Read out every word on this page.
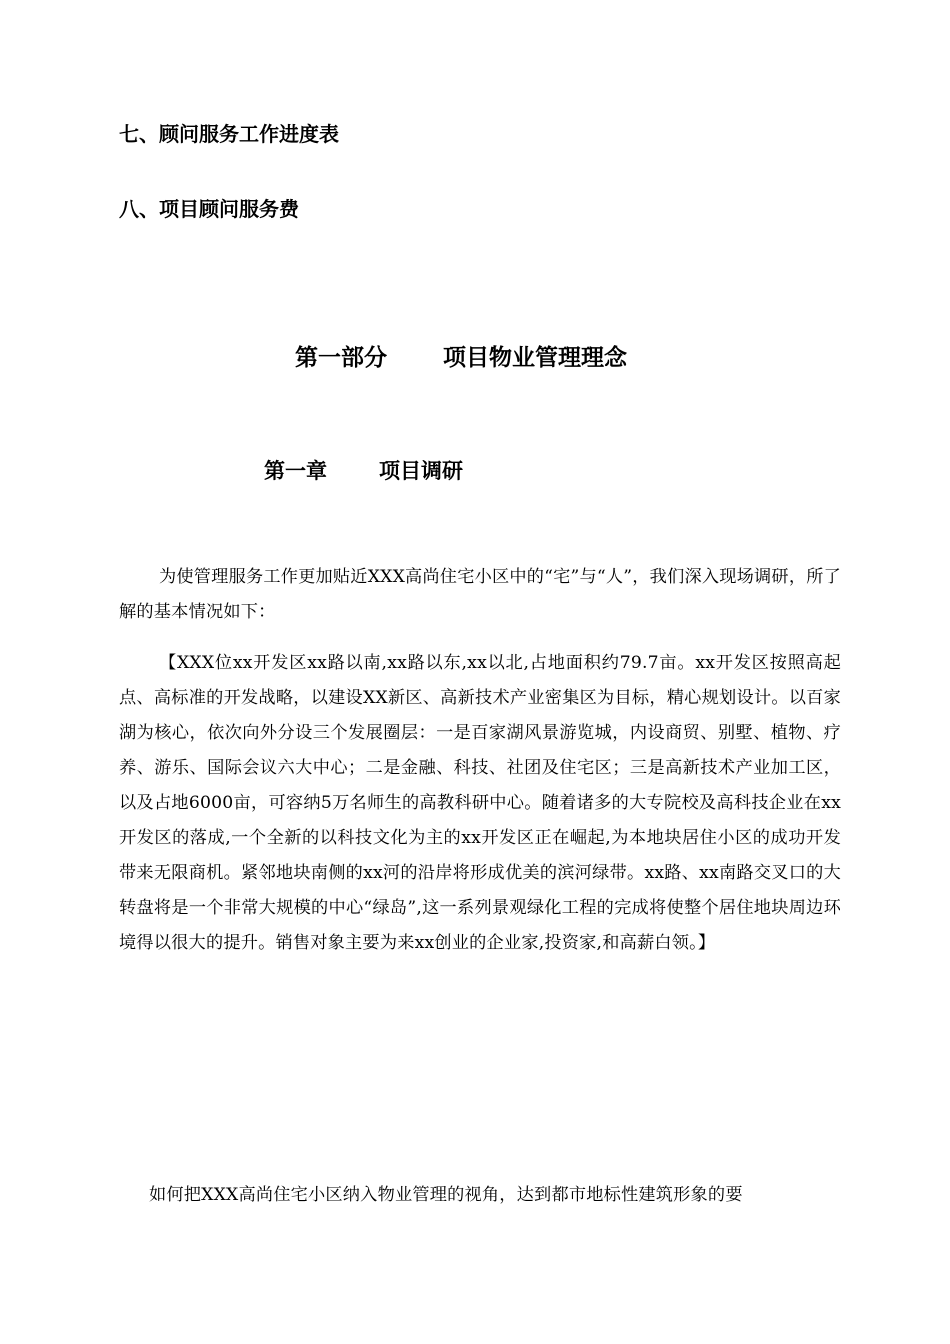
七、顾问服务工作进度表
八、项目顾问服务费
第一部分 项目物业管理理念
第一章 项目调研

为使管理服务工作更加贴近XXX高尚住宅小区中的“宅”与“人”，我们深入现场调研，所了解的基本情况如下：

【XXX位xx开发区xx路以南,xx路以东,xx以北,占地面积约79.7亩。xx开发区按照高起点、高标准的开发战略，以建设XX新区、高新技术产业密集区为目标，精心规划设计。以百家湖为核心，依次向外分设三个发展圈层：一是百家湖风景游览城，内设商贸、别墅、植物、疗养、游乐、国际会议六大中心；二是金融、科技、社团及住宅区；三是高新技术产业加工区，以及占地6000亩，可容纳5万名师生的高教科研中心。随着诸多的大专院校及高科技企业在xx开发区的落成,一个全新的以科技文化为主的xx开发区正在崛起,为本地块居住小区的成功开发带来无限商机。紧邻地块南侧的xx河的沿岸将形成优美的滨河绿带。xx路、xx南路交叉口的大转盘将是一个非常大规模的中心“绿岛”,这一系列景观绿化工程的完成将使整个居住地块周边环境得以很大的提升。销售对象主要为来xx创业的企业家,投资家,和高薪白领。】

如何把XXX高尚住宅小区纳入物业管理的视角，达到都市地标性建筑形象的要
